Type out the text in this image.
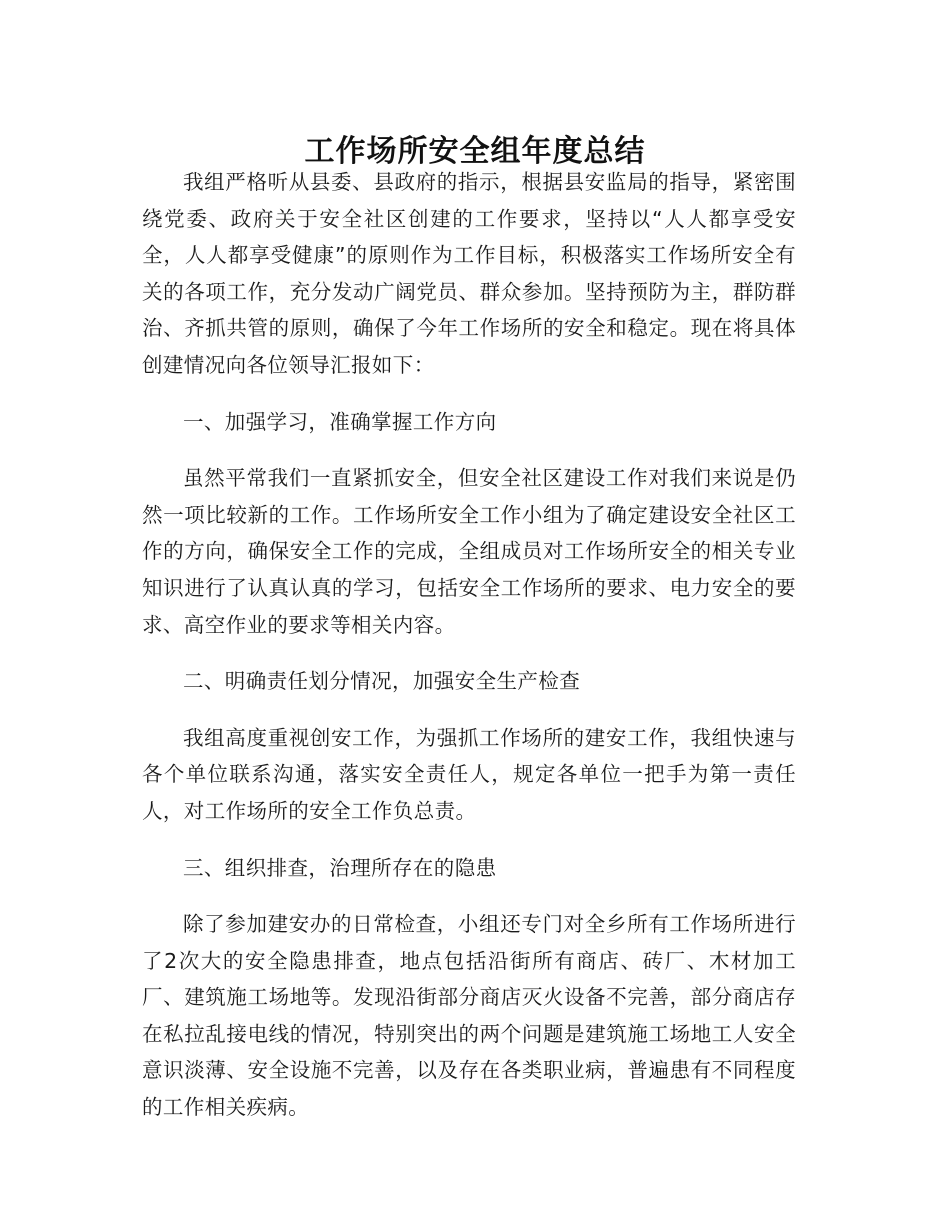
工作场所安全组年度总结

我组严格听从县委、县政府的指示，根据县安监局的指导，紧密围绕党委、政府关于安全社区创建的工作要求，坚持以“人人都享受安全，人人都享受健康”的原则作为工作目标，积极落实工作场所安全有关的各项工作，充分发动广阔党员、群众参加。坚持预防为主，群防群治、齐抓共管的原则，确保了今年工作场所的安全和稳定。现在将具体创建情况向各位领导汇报如下：

一、加强学习，准确掌握工作方向

虽然平常我们一直紧抓安全，但安全社区建设工作对我们来说是仍然一项比较新的工作。工作场所安全工作小组为了确定建设安全社区工作的方向，确保安全工作的完成，全组成员对工作场所安全的相关专业知识进行了认真认真的学习，包括安全工作场所的要求、电力安全的要求、高空作业的要求等相关内容。

二、明确责任划分情况，加强安全生产检查

我组高度重视创安工作，为强抓工作场所的建安工作，我组快速与各个单位联系沟通，落实安全责任人，规定各单位一把手为第一责任人，对工作场所的安全工作负总责。

三、组织排查，治理所存在的隐患

除了参加建安办的日常检查，小组还专门对全乡所有工作场所进行了2次大的安全隐患排查，地点包括沿街所有商店、砖厂、木材加工厂、建筑施工场地等。发现沿街部分商店灭火设备不完善，部分商店存在私拉乱接电线的情况，特别突出的两个问题是建筑施工场地工人安全意识淡薄、安全设施不完善，以及存在各类职业病，普遍患有不同程度的工作相关疾病。
